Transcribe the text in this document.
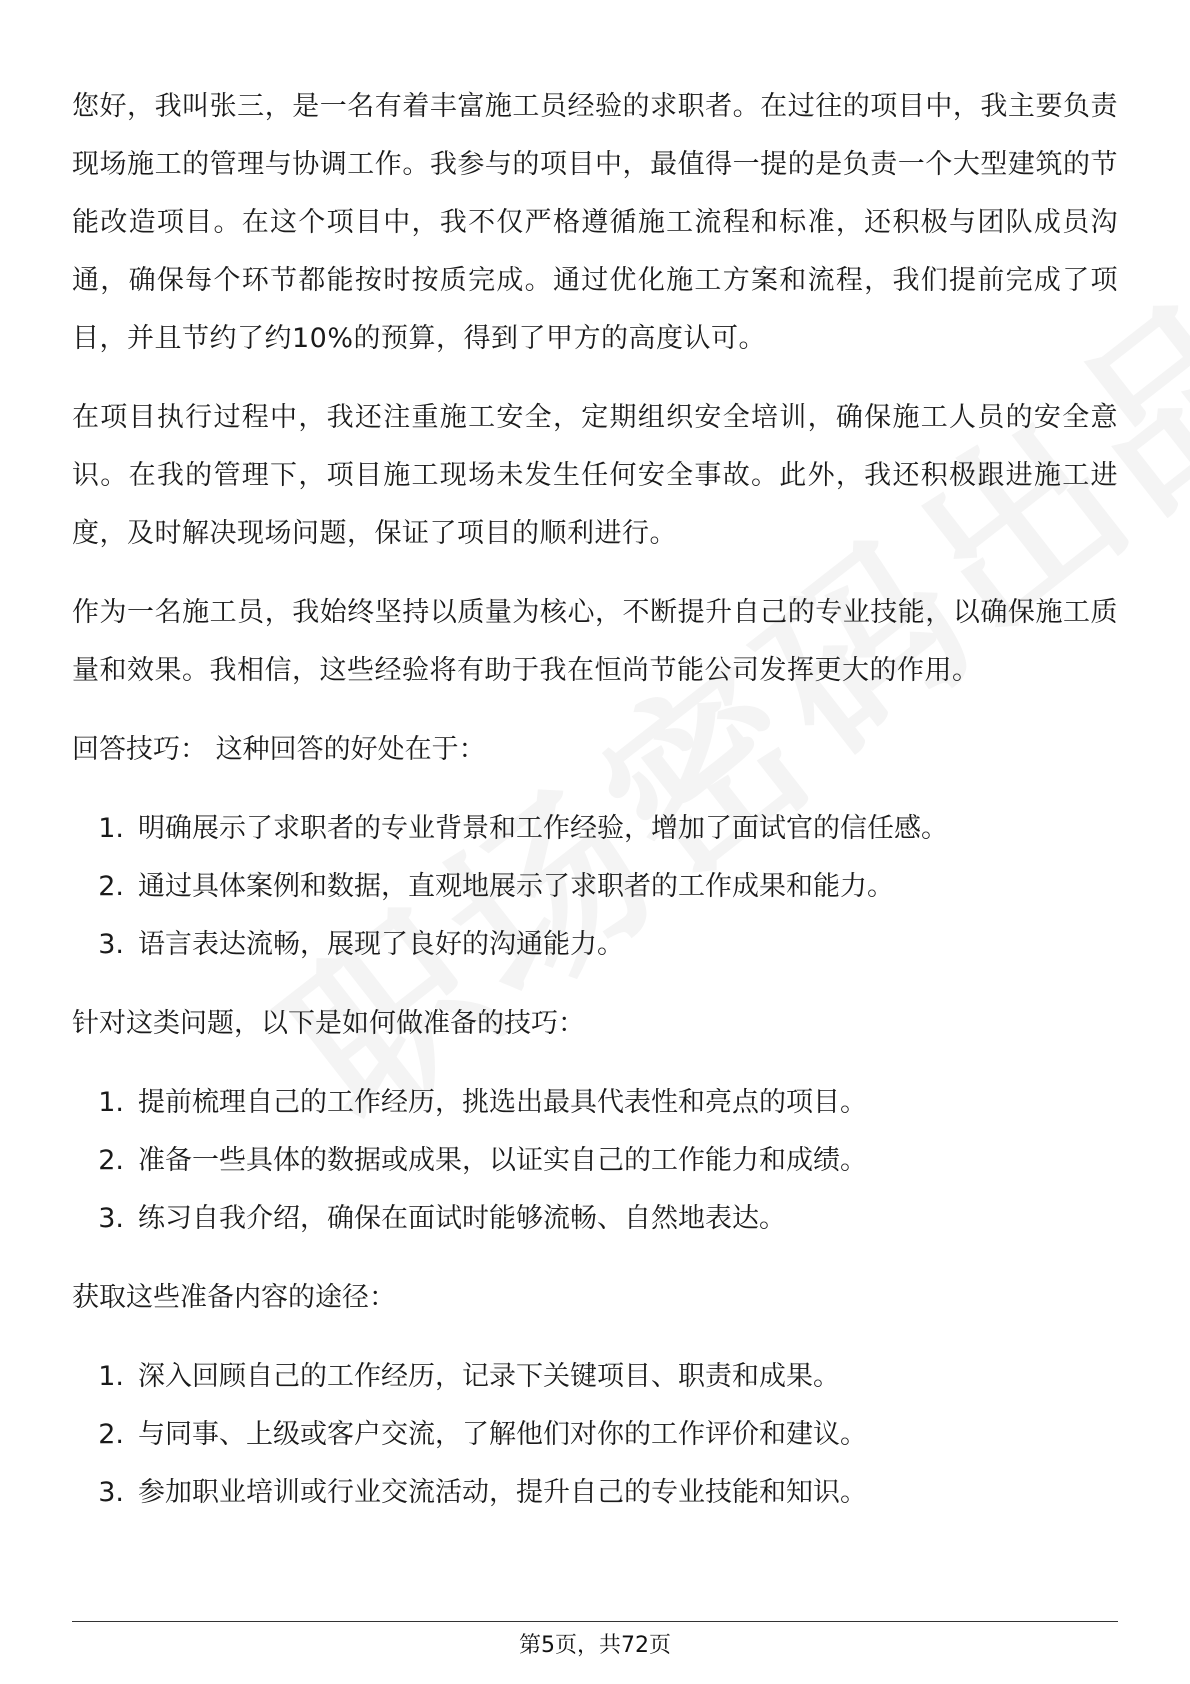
您好，我叫张三，是一名有着丰富施工员经验的求职者。在过往的项目中，我主要负责现场施工的管理与协调工作。我参与的项目中，最值得一提的是负责一个大型建筑的节能改造项目。在这个项目中，我不仅严格遵循施工流程和标准，还积极与团队成员沟通，确保每个环节都能按时按质完成。通过优化施工方案和流程，我们提前完成了项目，并且节约了约10%的预算，得到了甲方的高度认可。

在项目执行过程中，我还注重施工安全，定期组织安全培训，确保施工人员的安全意识。在我的管理下，项目施工现场未发生任何安全事故。此外，我还积极跟进施工进度，及时解决现场问题，保证了项目的顺利进行。

作为一名施工员，我始终坚持以质量为核心，不断提升自己的专业技能，以确保施工质量和效果。我相信，这些经验将有助于我在恒尚节能公司发挥更大的作用。

回答技巧： 这种回答的好处在于：

1. 明确展示了求职者的专业背景和工作经验，增加了面试官的信任感。
2. 通过具体案例和数据，直观地展示了求职者的工作成果和能力。
3. 语言表达流畅，展现了良好的沟通能力。

针对这类问题，以下是如何做准备的技巧：

1. 提前梳理自己的工作经历，挑选出最具代表性和亮点的项目。
2. 准备一些具体的数据或成果，以证实自己的工作能力和成绩。
3. 练习自我介绍，确保在面试时能够流畅、自然地表达。

获取这些准备内容的途径：

1. 深入回顾自己的工作经历，记录下关键项目、职责和成果。
2. 与同事、上级或客户交流，了解他们对你的工作评价和建议。
3. 参加职业培训或行业交流活动，提升自己的专业技能和知识。
第5页，共72页
